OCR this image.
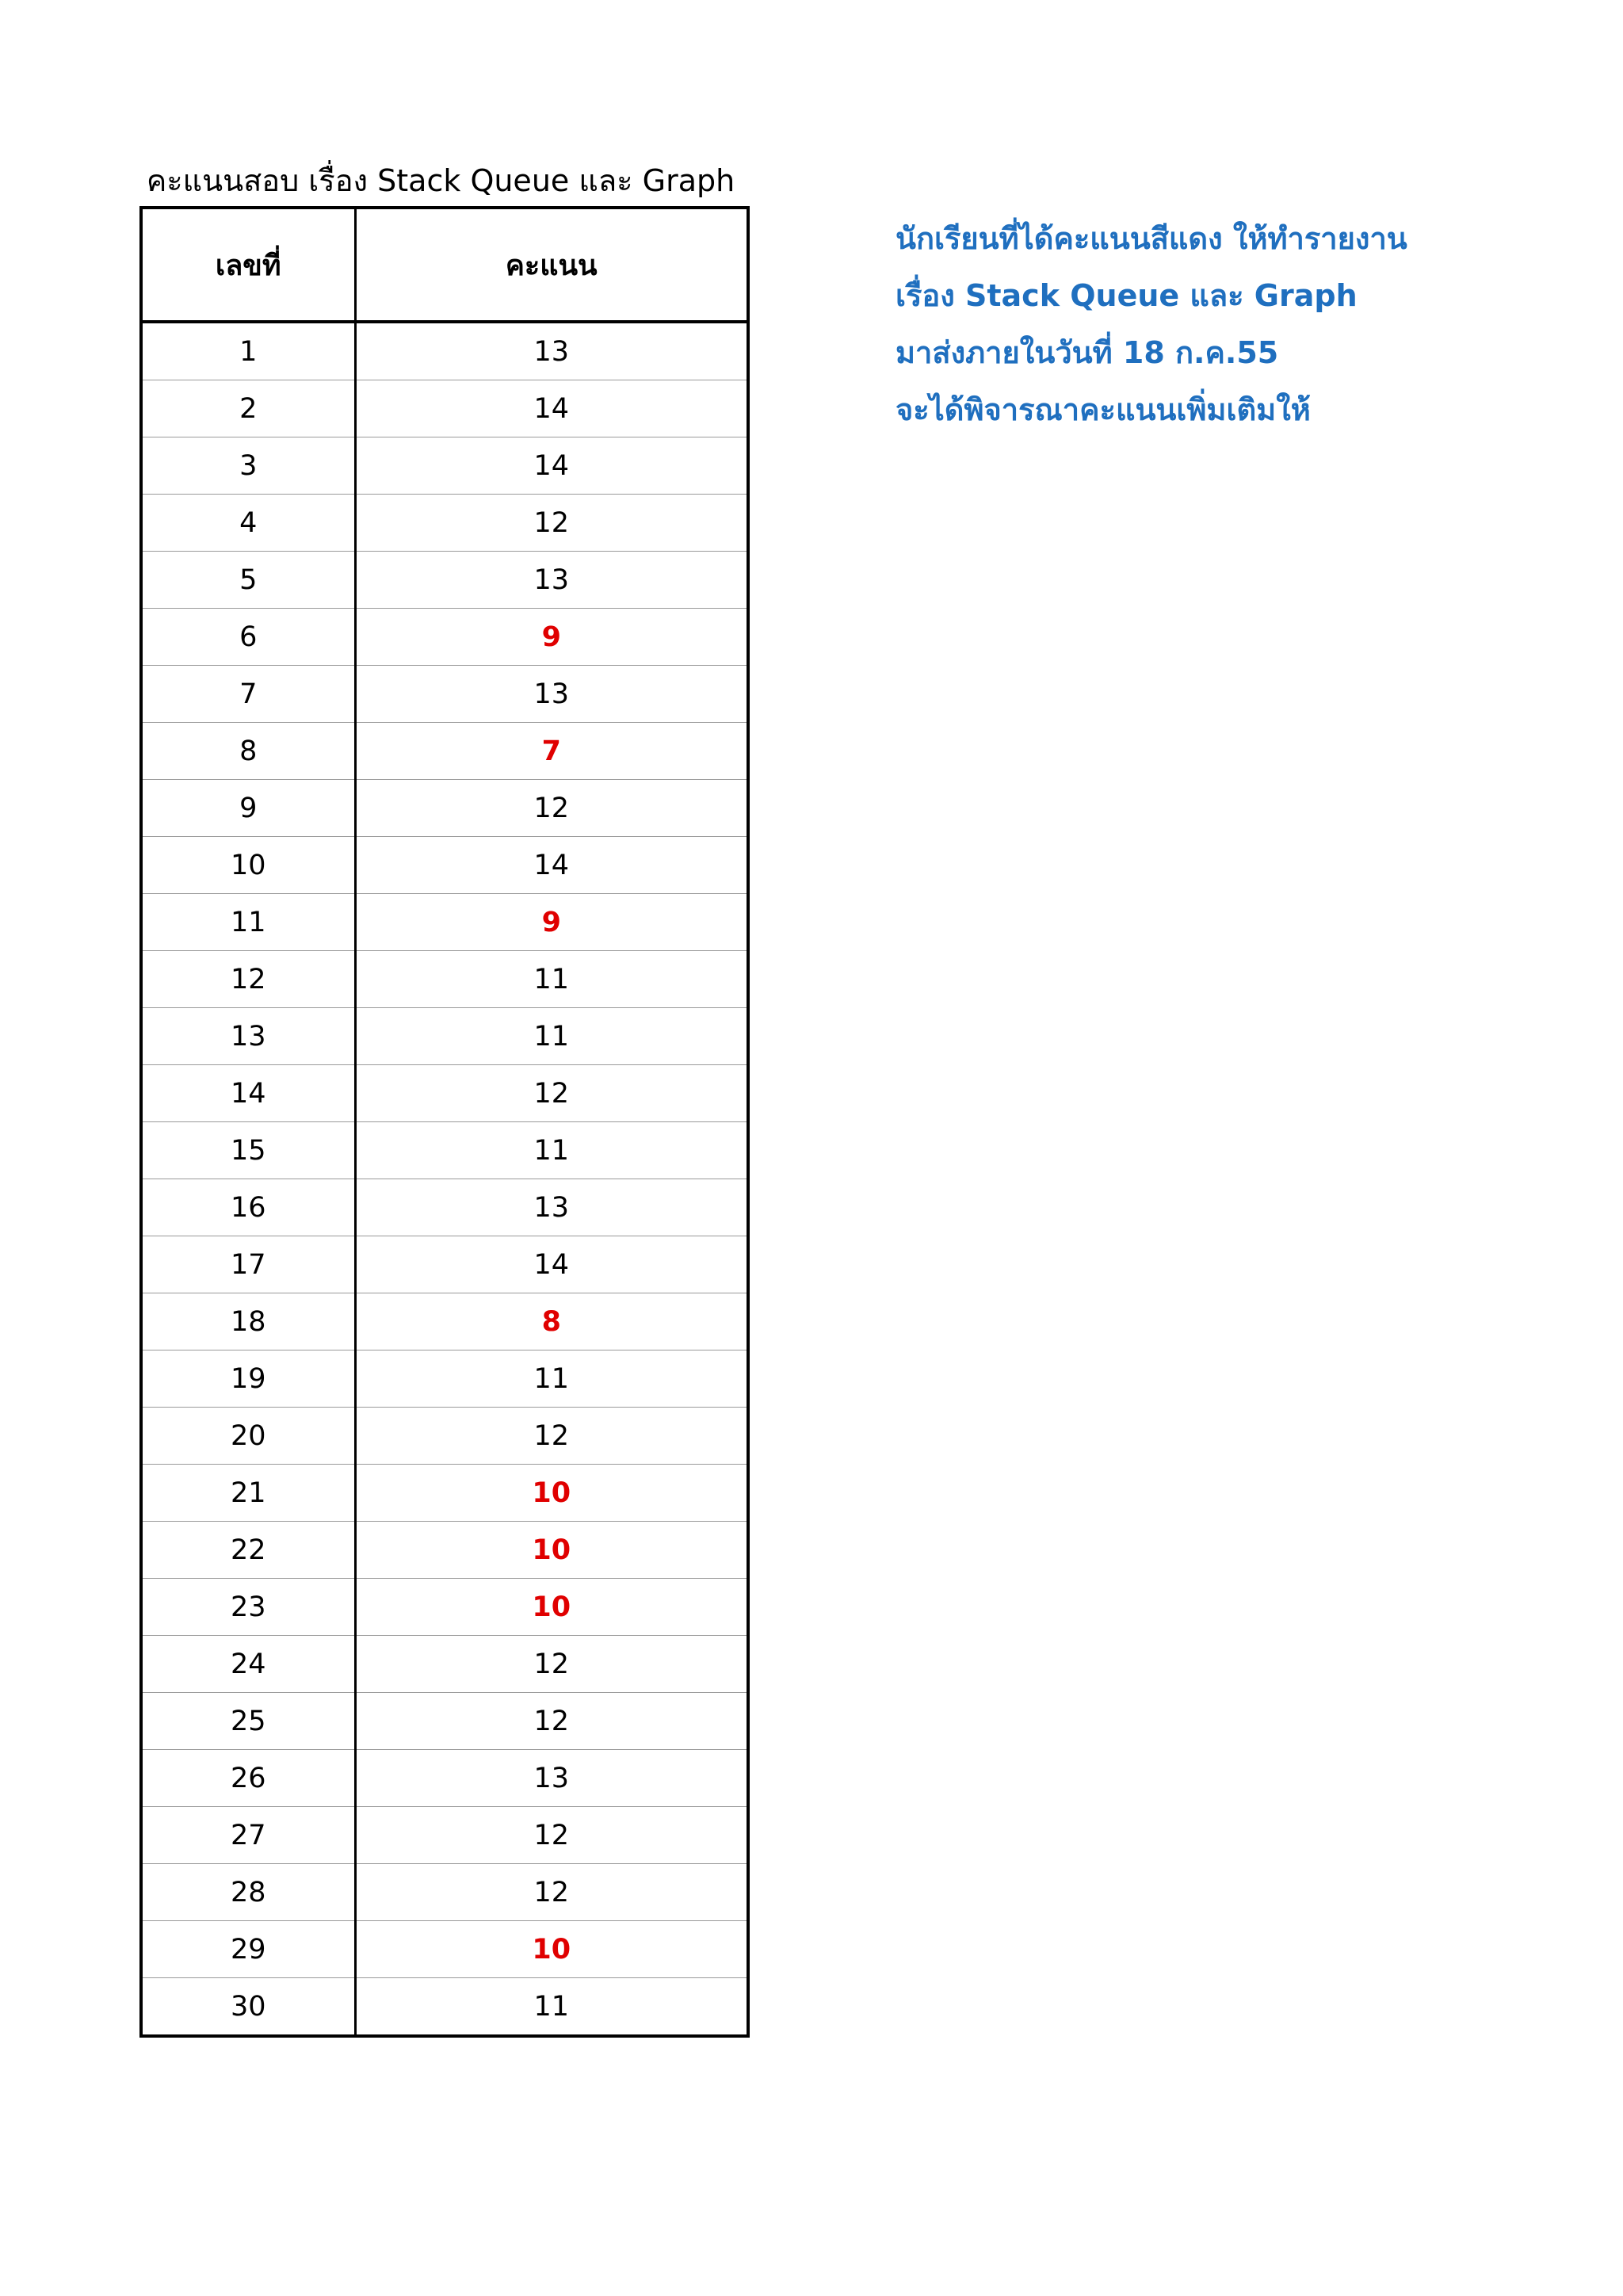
คะแนนสอบ เรื่อง Stack Queue และ Graph
เลขที่	คะแนน
1	13
2	14
3	14
4	12
5	13
6	9
7	13
8	7
9	12
10	14
11	9
12	11
13	11
14	12
15	11
16	13
17	14
18	8
19	11
20	12
21	10
22	10
23	10
24	12
25	12
26	13
27	12
28	12
29	10
30	11
นักเรียนที่ได้คะแนนสีแดง ให้ทำรายงาน
เรื่อง Stack Queue และ Graph
มาส่งภายในวันที่ 18 ก.ค.55
จะได้พิจารณาคะแนนเพิ่มเติมให้
